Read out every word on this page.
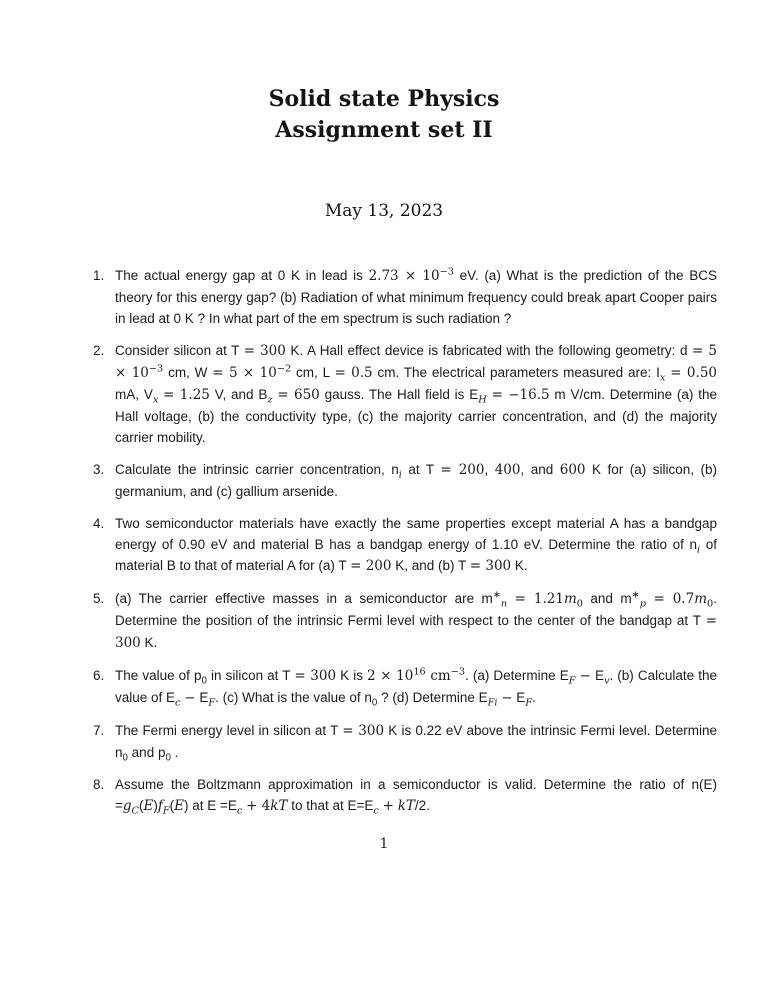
Solid state Physics
Assignment set II
May 13, 2023
1. The actual energy gap at 0 K in lead is $2.73 \times 10^{-3}$ eV. (a) What is the prediction of the BCS theory for this energy gap? (b) Radiation of what minimum frequency could break apart Cooper pairs in lead at 0 K ? In what part of the em spectrum is such radiation ?
2. Consider silicon at T = 300 K. A Hall effect device is fabricated with the following geometry: $d = 5 \times 10^{-3}$ cm, $W = 5 \times 10^{-2}$ cm, L = 0.5 cm. The electrical parameters measured are: $I_x = 0.50$ mA, $V_x = 1.25$ V, and $B_z = 650$ gauss. The Hall field is $E_H = -16.5$ m V/cm. Determine (a) the Hall voltage, (b) the conductivity type, (c) the majority carrier concentration, and (d) the majority carrier mobility.
3. Calculate the intrinsic carrier concentration, $n_i$ at T = 200, 400, and 600 K for (a) silicon, (b) germanium, and (c) gallium arsenide.
4. Two semiconductor materials have exactly the same properties except material A has a bandgap energy of 0.90 eV and material B has a bandgap energy of 1.10 eV. Determine the ratio of $n_i$ of material B to that of material A for (a) T = 200 K, and (b) T = 300 K.
5. (a) The carrier effective masses in a semiconductor are $m^∗_n = 1.21m_0$ and $m^∗_p = 0.7m_0$. Determine the position of the intrinsic Fermi level with respect to the center of the bandgap at T = 300 K.
6. The value of $p_0$ in silicon at T = 300 K is $2 \times 10^{16}$ $cm^{-3}$. (a) Determine $E_F - E_v$. (b) Calculate the value of $E_c - E_F$. (c) What is the value of $n_0$ ? (d) Determine $E_{Fi} - E_F$.
7. The Fermi energy level in silicon at T = 300 K is 0.22 eV above the intrinsic Fermi level. Determine $n_0$ and $p_0$ .
8. Assume the Boltzmann approximation in a semiconductor is valid. Determine the ratio of $n(E) =g_C(E)f_F(E)$ at $E =E_c + 4kT$ to that at $E=E_c + kT/2$.
1
